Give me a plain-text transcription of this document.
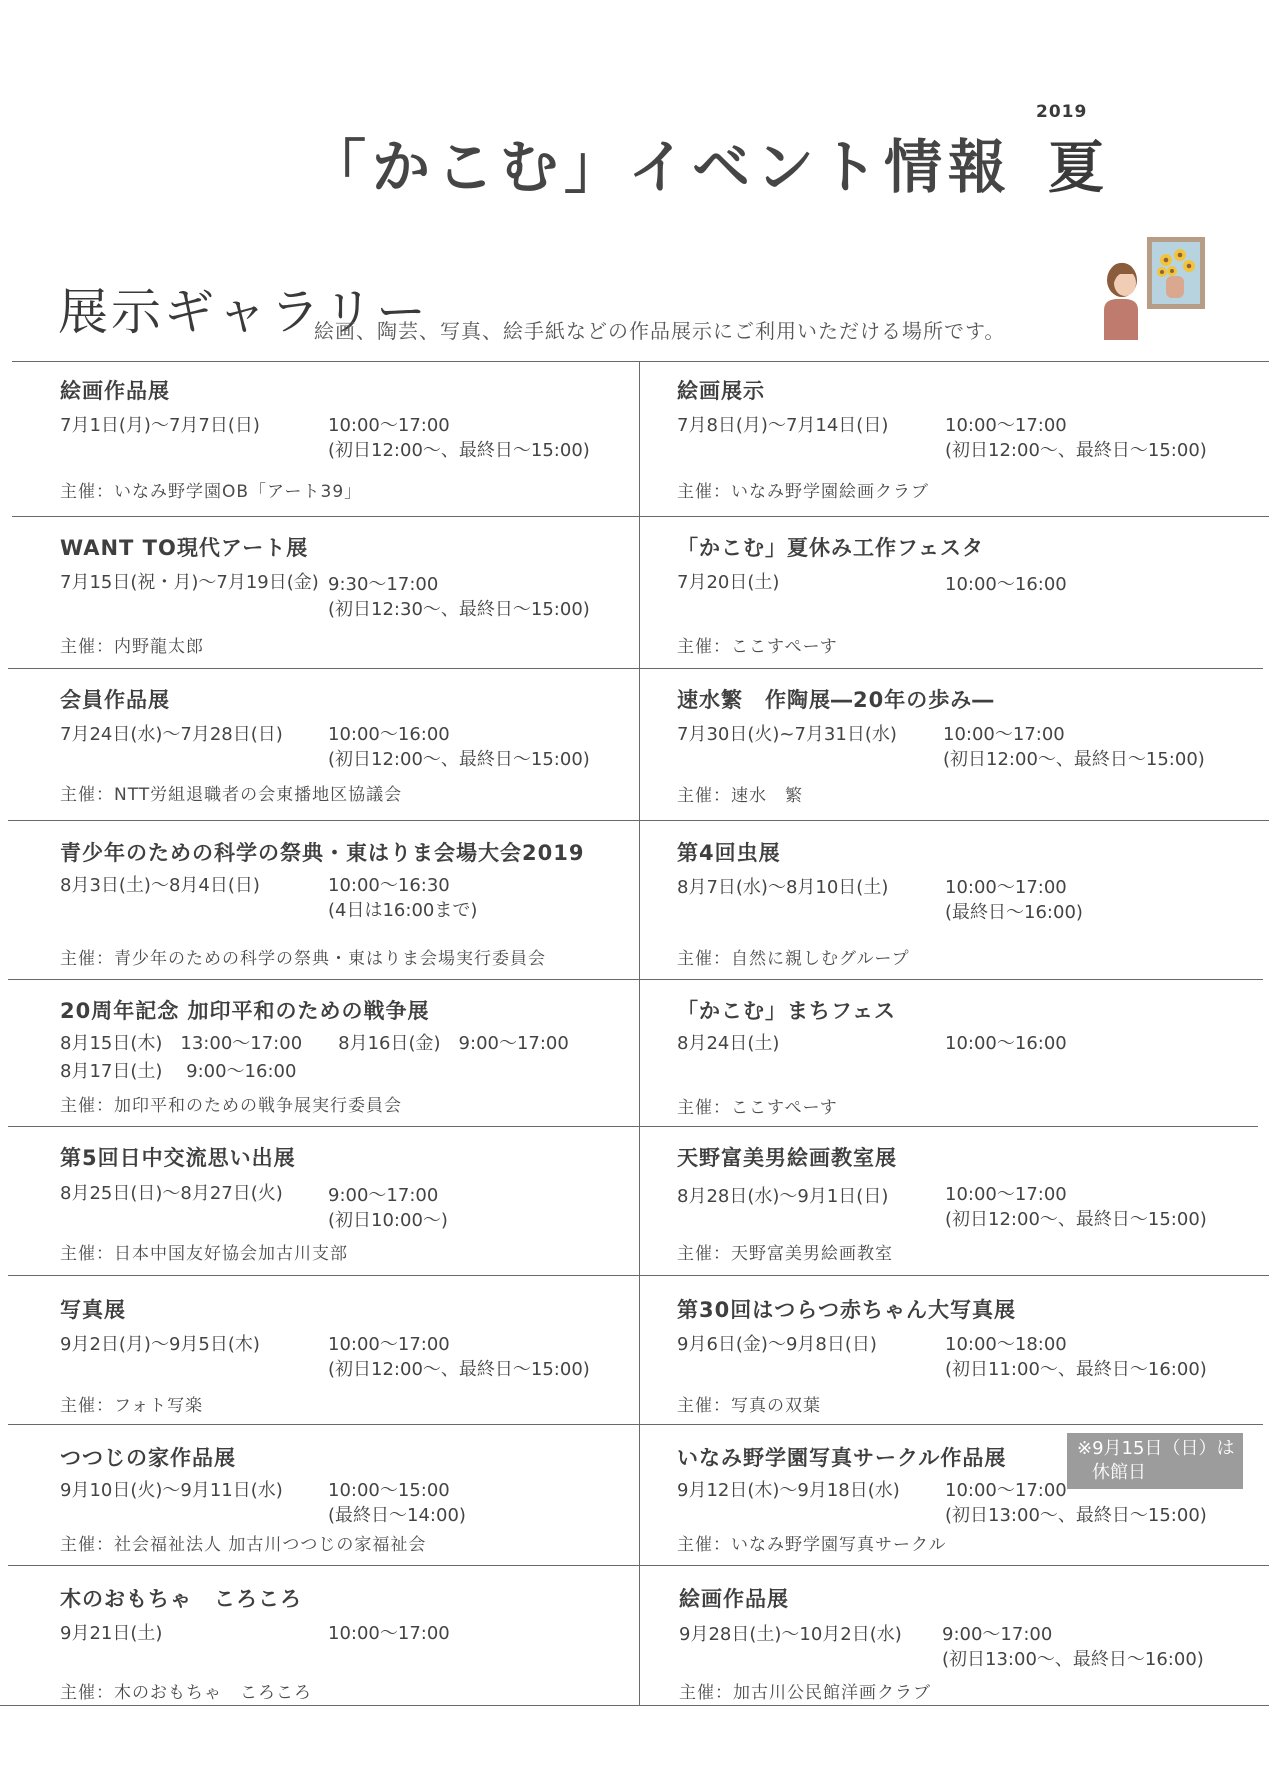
2019
「かこむ」イベント情報 夏
展示ギャラリー
絵画、陶芸、写真、絵手紙などの作品展示にご利用いただける場所です。
絵画作品展
7月1日(月)〜7月7日(日)	10:00〜17:00
(初日12:00〜、最終日〜15:00)
主催：いなみ野学園OB「アート39」
絵画展示
7月8日(月)〜7月14日(日)	10:00〜17:00
(初日12:00〜、最終日〜15:00)
主催：いなみ野学園絵画クラブ
WANT TO現代アート展
7月15日(祝・月)〜7月19日(金) 9:30〜17:00
(初日12:30〜、最終日〜15:00)
主催：内野龍太郎
「かこむ」夏休み工作フェスタ
7月20日(土)	10:00〜16:00
主催：ここすぺーす
会員作品展
7月24日(水)〜7月28日(日)	10:00〜16:00
(初日12:00〜、最終日〜15:00)
主催：NTT労組退職者の会東播地区協議会
速水繁　作陶展―20年の歩み―
7月30日(火)~7月31日(水)	10:00〜17:00
(初日12:00〜、最終日〜15:00)
主催：速水　繁
青少年のための科学の祭典・東はりま会場大会2019
8月3日(土)〜8月4日(日)	10:00〜16:30
(4日は16:00まで)
主催：青少年のための科学の祭典・東はりま会場実行委員会
第4回虫展
8月7日(水)〜8月10日(土)	10:00〜17:00
(最終日〜16:00)
主催：自然に親しむグループ
20周年記念 加印平和のための戦争展
8月15日(木)　13:00〜17:00　　8月16日(金)　9:00〜17:00
8月17日(土)　 9:00〜16:00
主催：加印平和のための戦争展実行委員会
「かこむ」まちフェス
8月24日(土)	10:00〜16:00
主催：ここすぺーす
第5回日中交流思い出展
8月25日(日)〜8月27日(火)	9:00〜17:00
(初日10:00〜)
主催：日本中国友好協会加古川支部
天野富美男絵画教室展
8月28日(水)〜9月1日(日)	10:00〜17:00
(初日12:00〜、最終日〜15:00)
主催：天野富美男絵画教室
写真展
9月2日(月)〜9月5日(木)	10:00〜17:00
(初日12:00〜、最終日〜15:00)
主催：フォト写楽
第30回はつらつ赤ちゃん大写真展
9月6日(金)〜9月8日(日)	10:00〜18:00
(初日11:00〜、最終日〜16:00)
主催：写真の双葉
つつじの家作品展
9月10日(火)〜9月11日(水)	10:00〜15:00
(最終日〜14:00)
主催：社会福祉法人 加古川つつじの家福祉会
いなみ野学園写真サークル作品展
9月12日(木)〜9月18日(水)	10:00〜17:00
(初日13:00〜、最終日〜15:00)
主催：いなみ野学園写真サークル
木のおもちゃ　ころころ
9月21日(土)	10:00〜17:00
主催：木のおもちゃ　ころころ
絵画作品展
9月28日(土)〜10月2日(水) 9:00〜17:00
(初日13:00〜、最終日〜16:00)
主催：加古川公民館洋画クラブ
※9月15日（日）は
休館日
